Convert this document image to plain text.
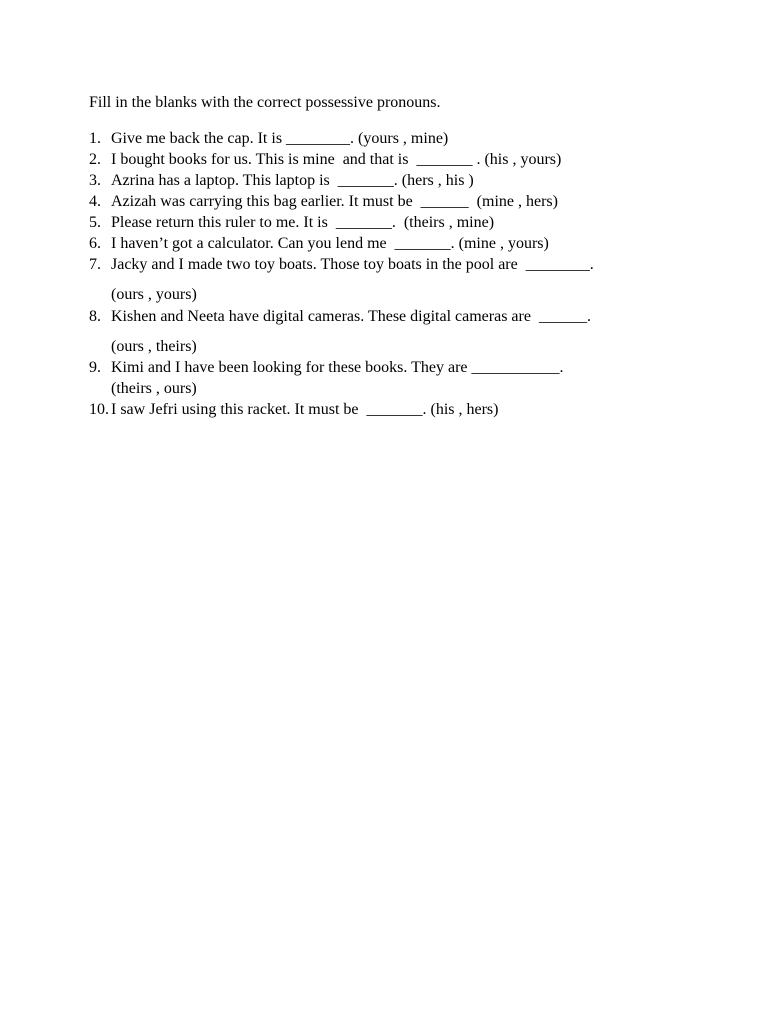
Fill in the blanks with the correct possessive pronouns.
1. Give me back the cap. It is ________. (yours , mine)
2. I bought books for us. This is mine  and that is  _______ . (his , yours)
3. Azrina has a laptop. This laptop is  _______. (hers , his )
4. Azizah was carrying this bag earlier. It must be  ______  (mine , hers)
5. Please return this ruler to me. It is  _______.  (theirs , mine)
6. I haven’t got a calculator. Can you lend me  _______. (mine , yours)
7. Jacky and I made two toy boats. Those toy boats in the pool are  ________.
(ours , yours)
8. Kishen and Neeta have digital cameras. These digital cameras are  ______.
(ours , theirs)
9. Kimi and I have been looking for these books. They are ___________.
(theirs , ours)
10. I saw Jefri using this racket. It must be  _______. (his , hers)
